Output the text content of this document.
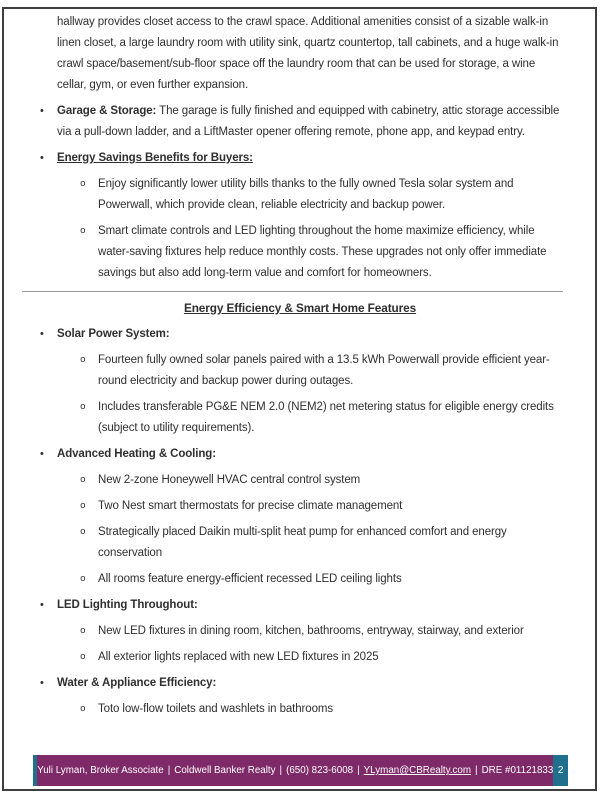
hallway provides closet access to the crawl space. Additional amenities consist of a sizable walk-in linen closet, a large laundry room with utility sink, quartz countertop, tall cabinets, and a huge walk-in crawl space/basement/sub-floor space off the laundry room that can be used for storage, a wine cellar, gym, or even further expansion.

• Garage & Storage: The garage is fully finished and equipped with cabinetry, attic storage accessible via a pull-down ladder, and a LiftMaster opener offering remote, phone app, and keypad entry.
• Energy Savings Benefits for Buyers:
o Enjoy significantly lower utility bills thanks to the fully owned Tesla solar system and Powerwall, which provide clean, reliable electricity and backup power.
o Smart climate controls and LED lighting throughout the home maximize efficiency, while water-saving fixtures help reduce monthly costs. These upgrades not only offer immediate savings but also add long-term value and comfort for homeowners.
Energy Efficiency & Smart Home Features
• Solar Power System:
o Fourteen fully owned solar panels paired with a 13.5 kWh Powerwall provide efficient year-round electricity and backup power during outages.
o Includes transferable PG&E NEM 2.0 (NEM2) net metering status for eligible energy credits (subject to utility requirements).
• Advanced Heating & Cooling:
o New 2-zone Honeywell HVAC central control system
o Two Nest smart thermostats for precise climate management
o Strategically placed Daikin multi-split heat pump for enhanced comfort and energy conservation
o All rooms feature energy-efficient recessed LED ceiling lights
• LED Lighting Throughout:
o New LED fixtures in dining room, kitchen, bathrooms, entryway, stairway, and exterior
o All exterior lights replaced with new LED fixtures in 2025
• Water & Appliance Efficiency:
o Toto low-flow toilets and washlets in bathrooms
Yuli Lyman, Broker Associate | Coldwell Banker Realty | (650) 823-6008 | YLyman@CBRealty.com | DRE #01121833 2
